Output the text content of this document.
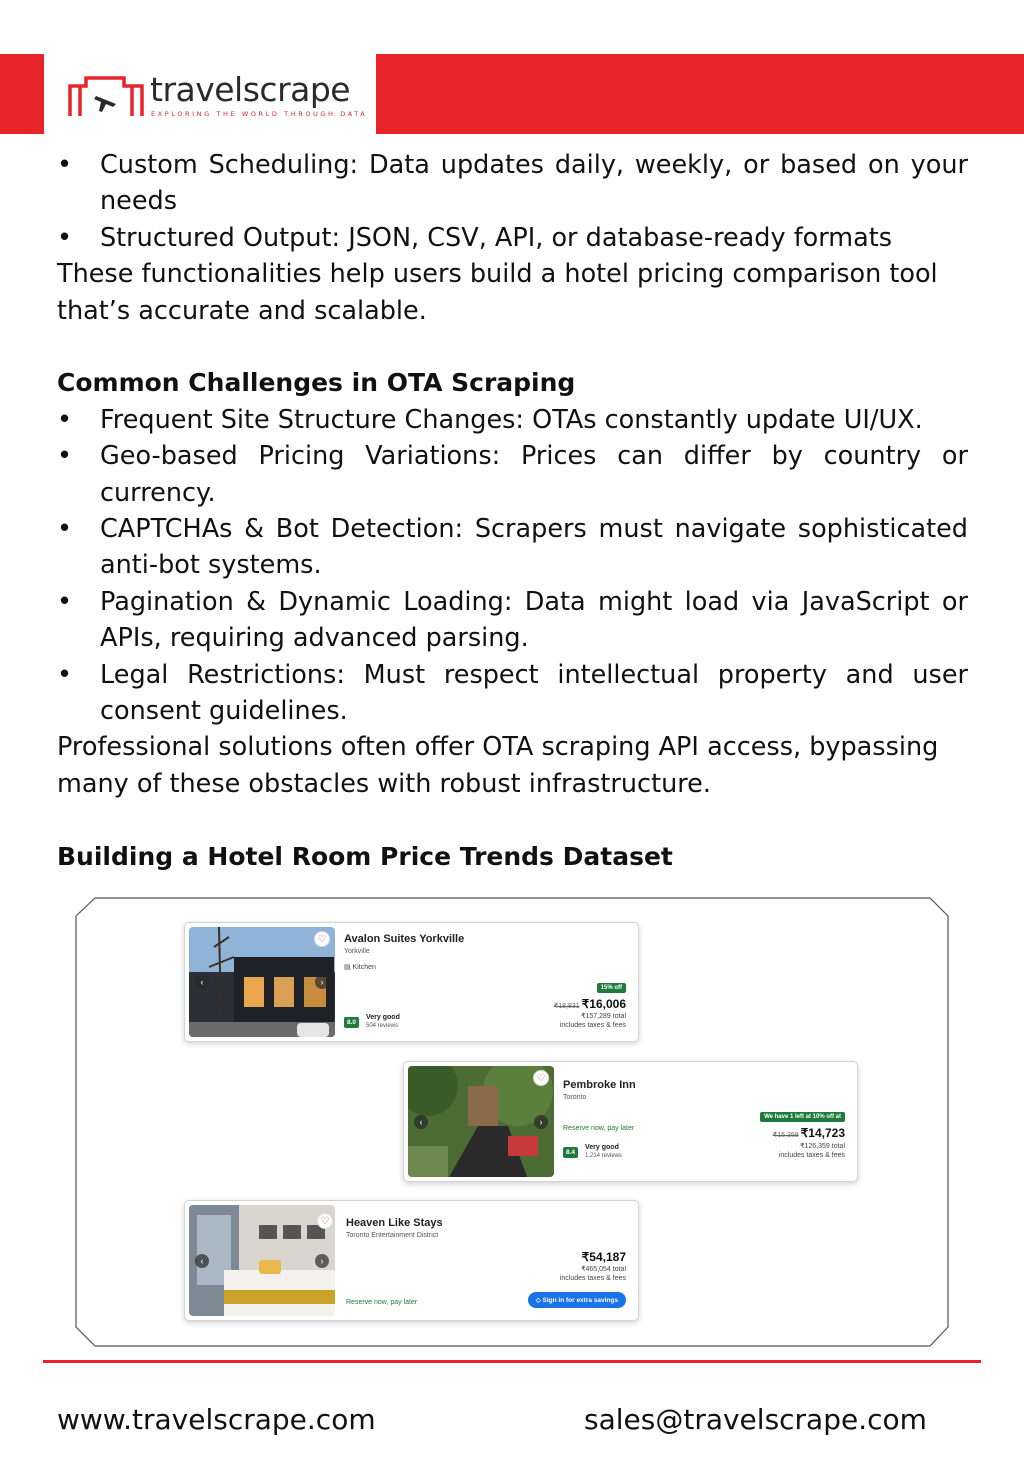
travelscrape
EXPLORING THE WORLD THROUGH DATA

• Custom Scheduling: Data updates daily, weekly, or based on your needs

• Structured Output: JSON, CSV, API, or database-ready formats

These functionalities help users build a hotel pricing comparison tool that’s accurate and scalable.

Common Challenges in OTA Scraping

• Frequent Site Structure Changes: OTAs constantly update UI/UX.

• Geo-based Pricing Variations: Prices can differ by country or currency.

• CAPTCHAs & Bot Detection: Scrapers must navigate sophisticated anti-bot systems.

• Pagination & Dynamic Loading: Data might load via JavaScript or APIs, requiring advanced parsing.

• Legal Restrictions: Must respect intellectual property and user consent guidelines.

Professional solutions often offer OTA scraping API access, bypassing many of these obstacles with robust infrastructure.

Building a Hotel Room Price Trends Dataset

‹	›
♡	Avalon Suites Yorkville
Yorkville
▤ Kitchen
15% off
₹18,831 ₹16,006
₹157,289 total
includes taxes & fees
8.0
Very good
504 reviews
‹	›
♡
Pembroke Inn
Toronto
Reserve now, pay later
We have 1 left at 10% off at
₹16,359 ₹14,723
₹126,359 total
includes taxes & fees
8.4
Very good
1,214 reviews
‹	›
♡	Heaven Like Stays
Toronto Entertainment District
₹54,187
₹465,054 total
includes taxes & fees
Reserve now, pay later	◇ Sign in for extra savings
www.travelscrape.com	sales@travelscrape.com
